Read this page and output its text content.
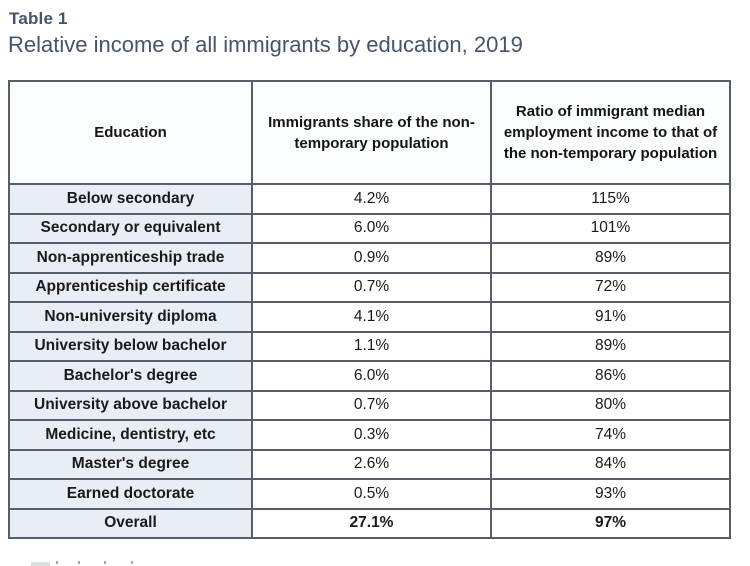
Table 1
Relative income of all immigrants by education, 2019
Education	Immigrants share of the non-temporary population	Ratio of immigrant median employment income to that of the non-temporary population
Below secondary	4.2%	115%
Secondary or equivalent	6.0%	101%
Non-apprenticeship trade	0.9%	89%
Apprenticeship certificate	0.7%	72%
Non-university diploma	4.1%	91%
University below bachelor	1.1%	89%
Bachelor's degree	6.0%	86%
University above bachelor	0.7%	80%
Medicine, dentistry, etc	0.3%	74%
Master's degree	2.6%	84%
Earned doctorate	0.5%	93%
Overall	27.1%	97%
